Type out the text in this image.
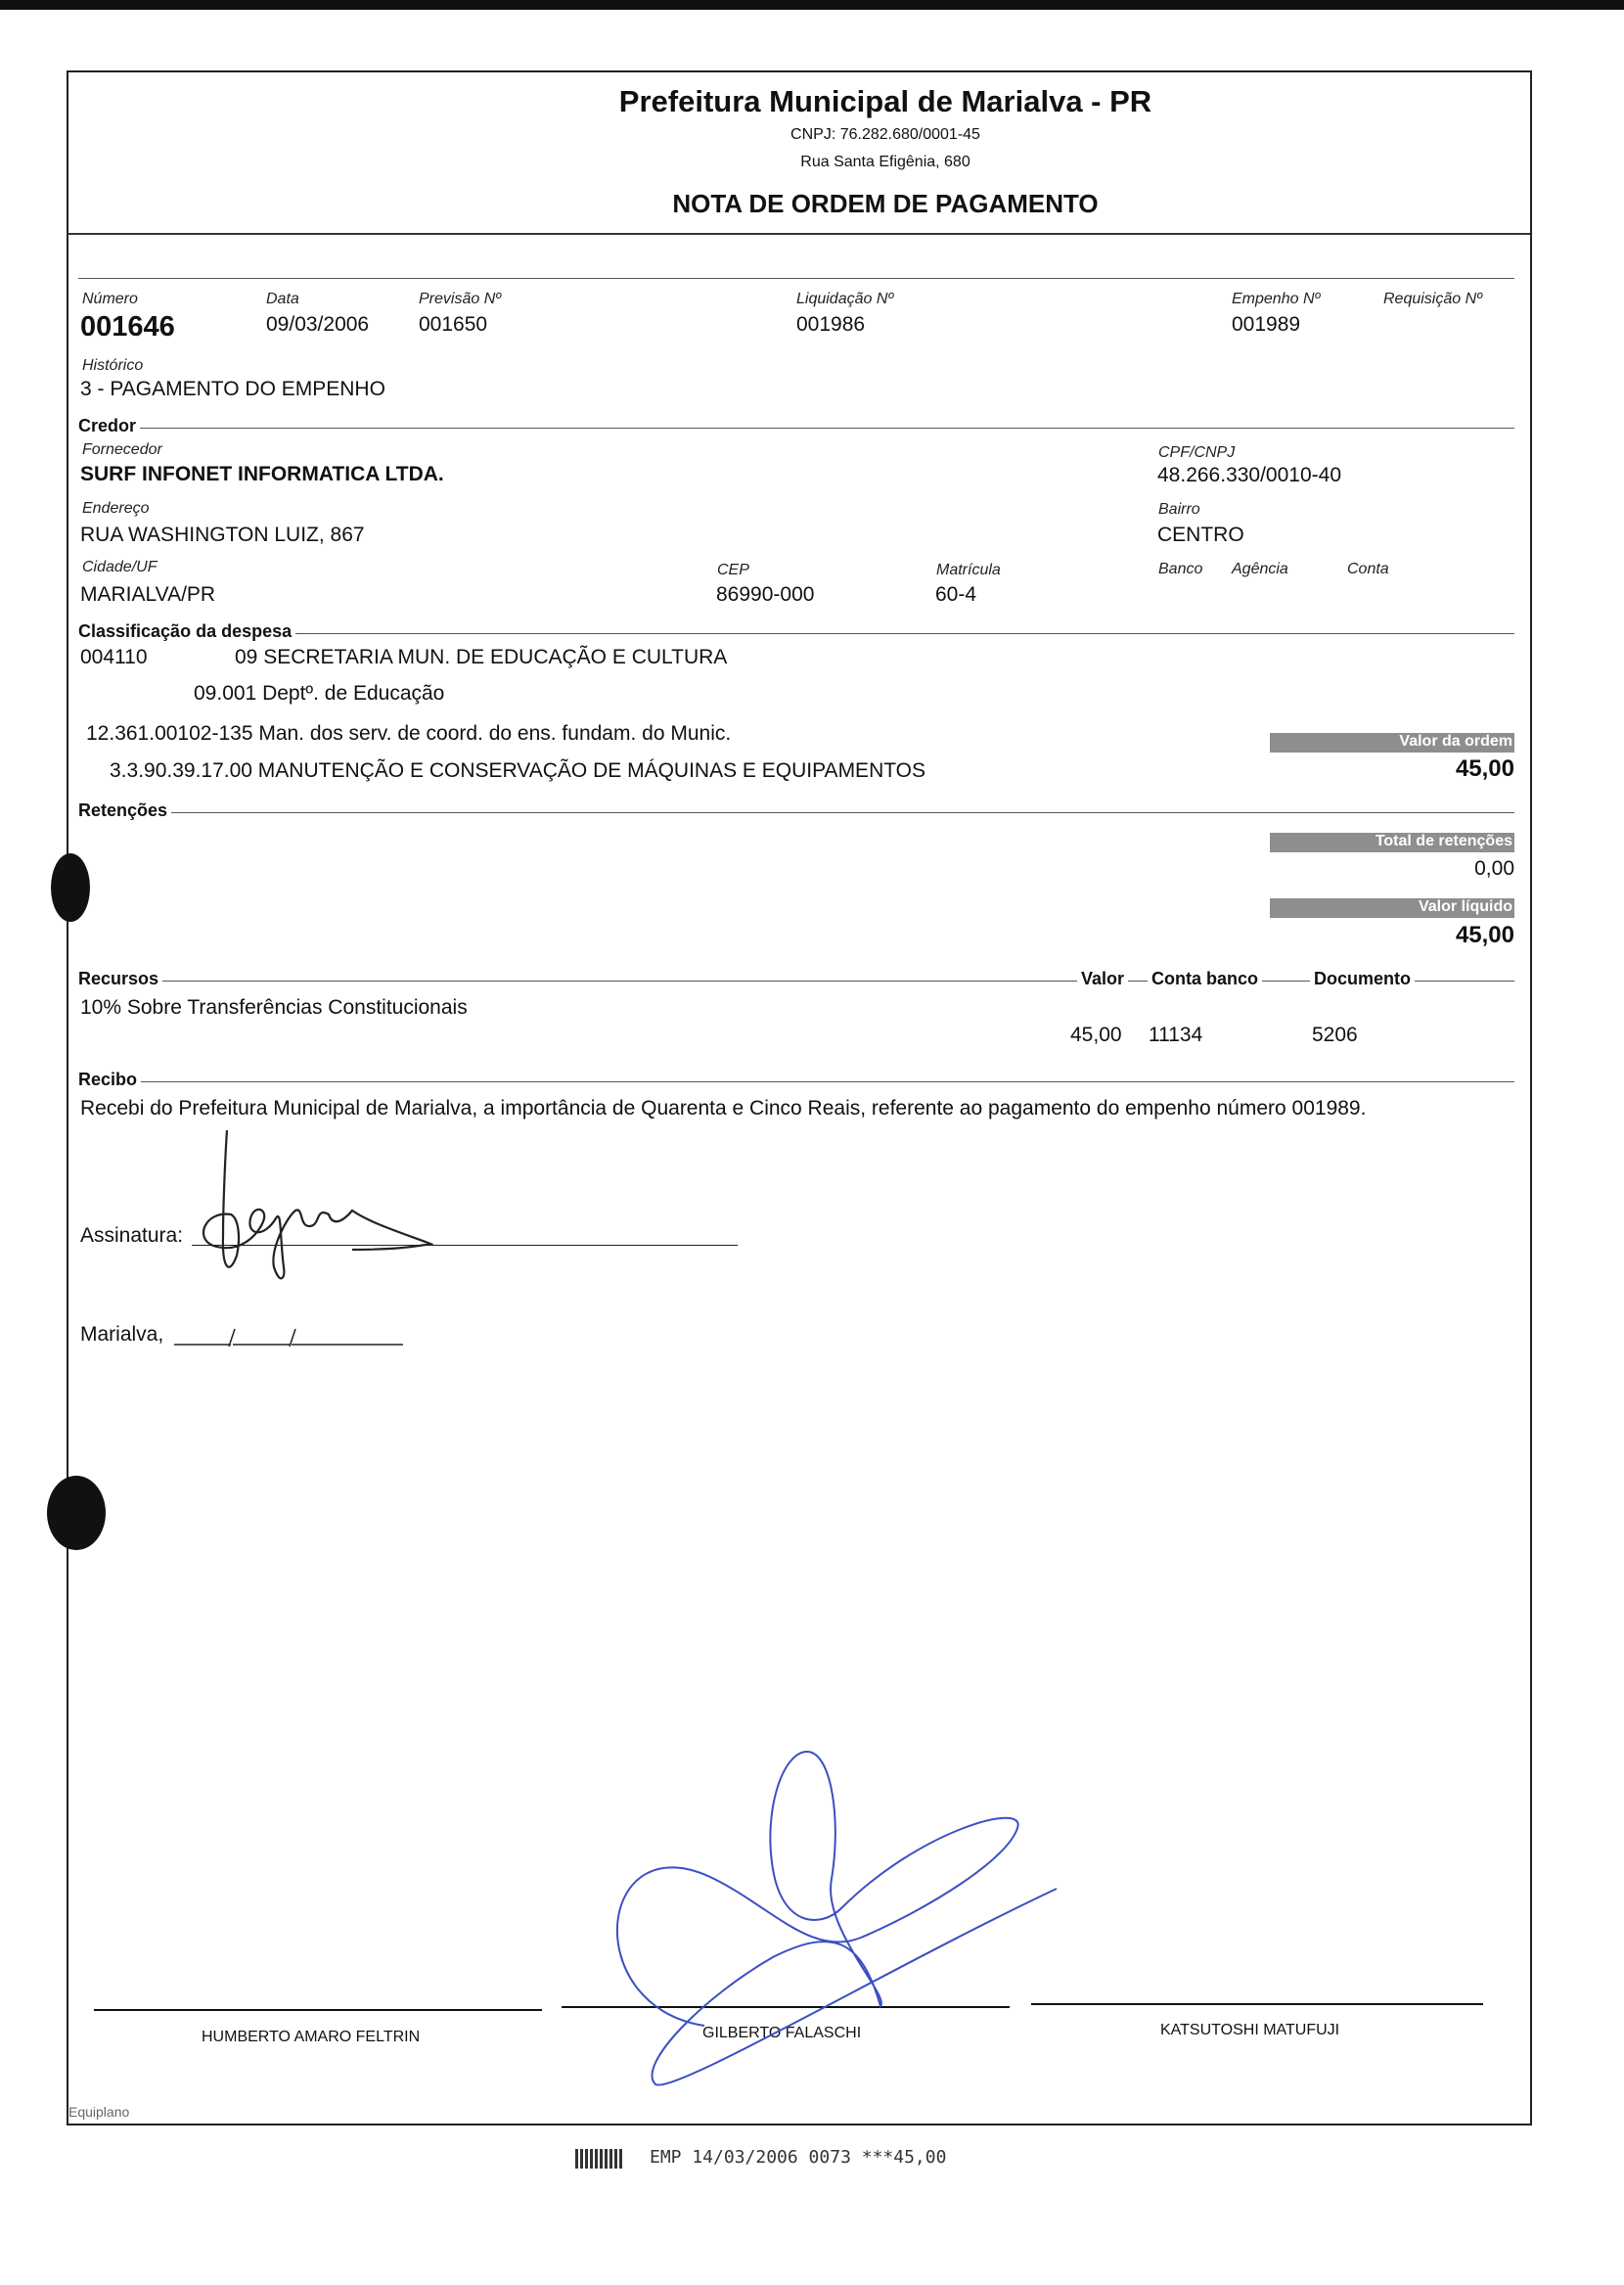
Prefeitura Municipal de Marialva - PR
CNPJ: 76.282.680/0001-45
Rua Santa Efigênia, 680
NOTA DE ORDEM DE PAGAMENTO
Número
001646
Data
09/03/2006
Previsão Nº
001650
Liquidação Nº
001986
Empenho Nº
001989
Requisição Nº
Histórico
3 - PAGAMENTO DO EMPENHO
Credor
Fornecedor
SURF INFONET INFORMATICA LTDA.
CPF/CNPJ
48.266.330/0010-40
Endereço
RUA WASHINGTON LUIZ, 867
Bairro
CENTRO
Cidade/UF
MARIALVA/PR
CEP
86990-000
Matrícula
60-4
Banco Agência	Conta
Classificação da despesa
004110	09 SECRETARIA MUN. DE EDUCAÇÃO E CULTURA
09.001 Deptº. de Educação
12.361.00102-135 Man. dos serv. de coord. do ens. fundam. do Munic.
3.3.90.39.17.00 MANUTENÇÃO E CONSERVAÇÃO DE MÁQUINAS E EQUIPAMENTOS
Valor da ordem
45,00
Retenções
Total de retenções
0,00
Valor líquido
45,00
Recursos	Valor Conta banco	Documento
10% Sobre Transferências Constitucionais
45,00 11134	5206
Recibo
Recebi do Prefeitura Municipal de Marialva, a importância de Quarenta e Cinco Reais, referente ao pagamento do empenho número 001989.
Assinatura:
Marialva,
HUMBERTO AMARO FELTRIN	GILBERTO FALASCHI	KATSUTOSHI MATUFUJI
Equiplano
EMP 14/03/2006 0073 ***45,00
